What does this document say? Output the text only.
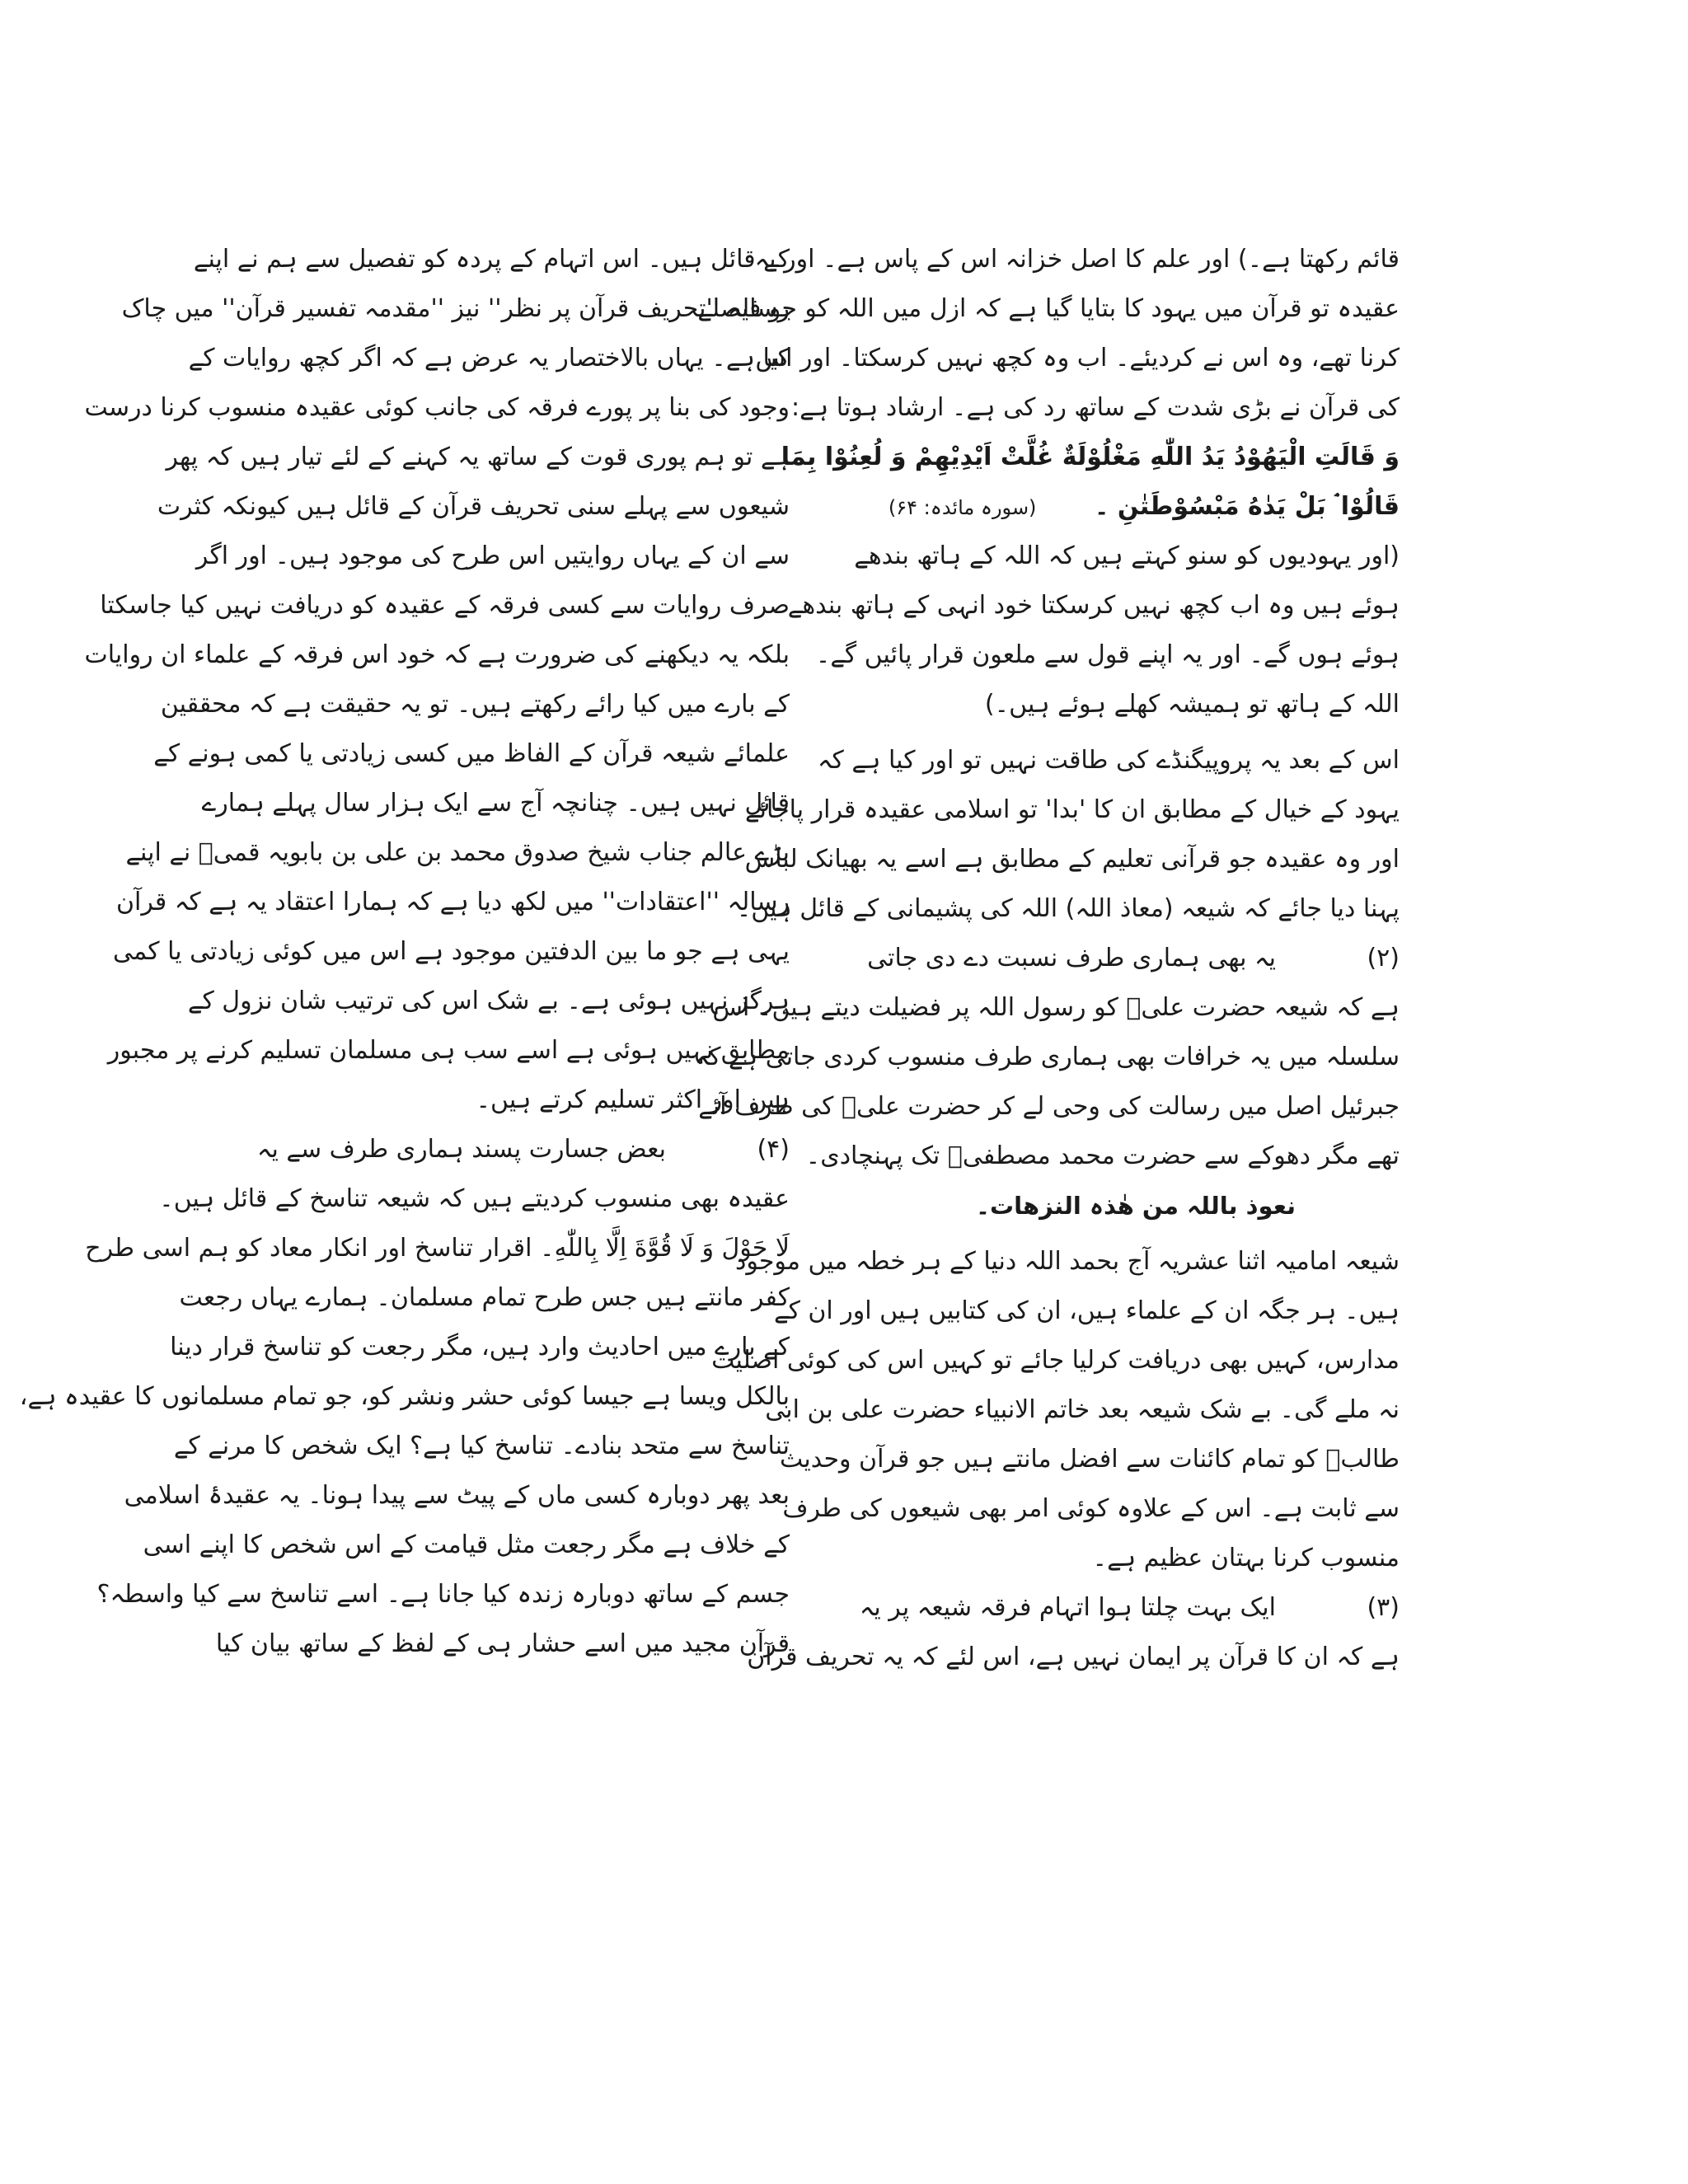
قائم رکھتا ہے۔) اور علم کا اصل خزانہ اس کے پاس ہے۔ اور یہ
عقیدہ تو قرآن میں یہود کا بتایا گیا ہے کہ ازل میں اللہ کو جو فیصلے
کرنا تھے، وہ اس نے کردیئے۔ اب وہ کچھ نہیں کرسکتا۔ اور اس
کی قرآن نے بڑی شدت کے ساتھ رد کی ہے۔ ارشاد ہوتا ہے:
وَ قَالَتِ الْیَهُوْدُ یَدُ اللّٰهِ مَغْلُوْلَةٌ غُلَّتْ اَیْدِیْهِمْ وَ لُعِنُوْا بِمَا
قَالُوْا ۘ بَلْ یَدٰهُ مَبْسُوْطَتٰنِ ۔ (سورہ مائدہ: ۶۴)
(اور یہودیوں کو سنو کہتے ہیں کہ اللہ کے ہاتھ بندھے
ہوئے ہیں وہ اب کچھ نہیں کرسکتا خود انہی کے ہاتھ بندھے
ہوئے ہوں گے۔ اور یہ اپنے قول سے ملعون قرار پائیں گے۔
اللہ کے ہاتھ تو ہمیشہ کھلے ہوئے ہیں۔)
اس کے بعد یہ پروپیگنڈے کی طاقت نہیں تو اور کیا ہے کہ
یہود کے خیال کے مطابق ان کا 'بدا' تو اسلامی عقیدہ قرار پاجائے
اور وہ عقیدہ جو قرآنی تعلیم کے مطابق ہے اسے یہ بھیانک لباس
پہنا دیا جائے کہ شیعہ (معاذ اللہ) اللہ کی پشیمانی کے قائل ہیں۔
(۲)یہ بھی ہماری طرف نسبت دے دی جاتی
ہے کہ شیعہ حضرت علیؑ کو رسول اللہ پر فضیلت دیتے ہیں۔ اس
سلسلہ میں یہ خرافات بھی ہماری طرف منسوب کردی جاتی ہے کہ
جبرئیل اصل میں رسالت کی وحی لے کر حضرت علیؑ کی طرف آئے
تھے مگر دھوکے سے حضرت محمد مصطفیؐ تک پہنچادی۔
نعوذ باللہ من ھٰذہ النزھات۔
شیعہ امامیہ اثنا عشریہ آج بحمد اللہ دنیا کے ہر خطہ میں موجود
ہیں۔ ہر جگہ ان کے علماء ہیں، ان کی کتابیں ہیں اور ان کے
مدارس، کہیں بھی دریافت کرلیا جائے تو کہیں اس کی کوئی اصلیت
نہ ملے گی۔ بے شک شیعہ بعد خاتم الانبیاء حضرت علی بن ابی
طالبؑ کو تمام کائنات سے افضل مانتے ہیں جو قرآن وحدیث
سے ثابت ہے۔ اس کے علاوہ کوئی امر بھی شیعوں کی طرف
منسوب کرنا بہتان عظیم ہے۔
(۳)ایک بہت چلتا ہوا اتہام فرقہ شیعہ پر یہ
ہے کہ ان کا قرآن پر ایمان نہیں ہے، اس لئے کہ یہ تحریف قرآن
کے قائل ہیں۔ اس اتہام کے پردہ کو تفصیل سے ہم نے اپنے
رسالہ ''تحریف قرآن پر نظر'' نیز ''مقدمہ تفسیر قرآن'' میں چاک
کیا ہے۔ یہاں بالاختصار یہ عرض ہے کہ اگر کچھ روایات کے
وجود کی بنا پر پورے فرقہ کی جانب کوئی عقیدہ منسوب کرنا درست
ہے تو ہم پوری قوت کے ساتھ یہ کہنے کے لئے تیار ہیں کہ پھر
شیعوں سے پہلے سنی تحریف قرآن کے قائل ہیں کیونکہ کثرت
سے ان کے یہاں روایتیں اس طرح کی موجود ہیں۔ اور اگر
صرف روایات سے کسی فرقہ کے عقیدہ کو دریافت نہیں کیا جاسکتا
بلکہ یہ دیکھنے کی ضرورت ہے کہ خود اس فرقہ کے علماء ان روایات
کے بارے میں کیا رائے رکھتے ہیں۔ تو یہ حقیقت ہے کہ محققین
علمائے شیعہ قرآن کے الفاظ میں کسی زیادتی یا کمی ہونے کے
قائل نہیں ہیں۔ چنانچہ آج سے ایک ہزار سال پہلے ہمارے
بڑے عالم جناب شیخ صدوق محمد بن علی بن بابویہ قمیؒ نے اپنے
رسالہ ''اعتقادات'' میں لکھ دیا ہے کہ ہمارا اعتقاد یہ ہے کہ قرآن
یہی ہے جو ما بین الدفتین موجود ہے اس میں کوئی زیادتی یا کمی
ہرگز نہیں ہوئی ہے۔ بے شک اس کی ترتیب شان نزول کے
مطابق نہیں ہوئی ہے اسے سب ہی مسلمان تسلیم کرنے پر مجبور
ہیں اور اکثر تسلیم کرتے ہیں۔
(۴)بعض جسارت پسند ہماری طرف سے یہ
عقیدہ بھی منسوب کردیتے ہیں کہ شیعہ تناسخ کے قائل ہیں۔
لَا حَوْلَ وَ لَا قُوَّةَ اِلَّا بِاللّٰهِ۔ اقرار تناسخ اور انکار معاد کو ہم اسی طرح
کفر مانتے ہیں جس طرح تمام مسلمان۔ ہمارے یہاں رجعت
کے بارے میں احادیث وارد ہیں، مگر رجعت کو تناسخ قرار دینا
بالکل ویسا ہے جیسا کوئی حشر ونشر کو، جو تمام مسلمانوں کا عقیدہ ہے،
تناسخ سے متحد بنادے۔ تناسخ کیا ہے؟ ایک شخص کا مرنے کے
بعد پھر دوبارہ کسی ماں کے پیٹ سے پیدا ہونا۔ یہ عقیدۂ اسلامی
کے خلاف ہے مگر رجعت مثل قیامت کے اس شخص کا اپنے اسی
جسم کے ساتھ دوبارہ زندہ کیا جانا ہے۔ اسے تناسخ سے کیا واسطہ؟
قرآن مجید میں اسے حشار ہی کے لفظ کے ساتھ بیان کیا
